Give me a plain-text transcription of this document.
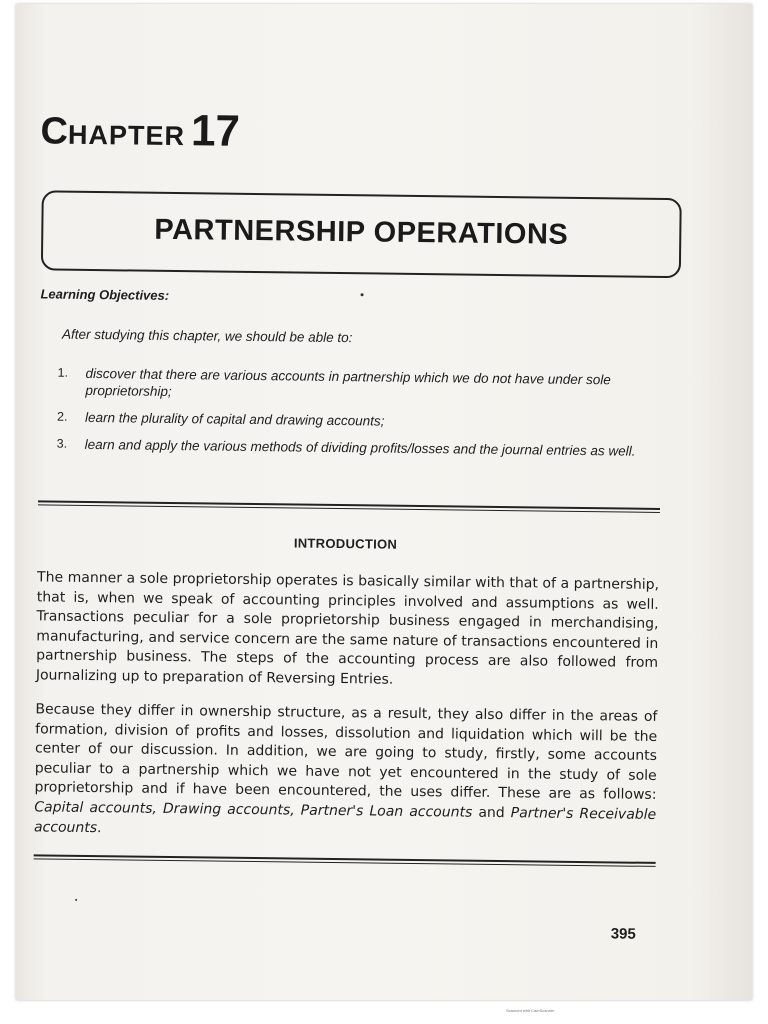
CHAPTER 17
PARTNERSHIP OPERATIONS
Learning Objectives:
After studying this chapter, we should be able to:
1. discover that there are various accounts in partnership which we do not have under sole proprietorship;
2. learn the plurality of capital and drawing accounts;
3. learn and apply the various methods of dividing profits/losses and the journal entries as well.
INTRODUCTION

The manner a sole proprietorship operates is basically similar with that of a partnership, that is, when we speak of accounting principles involved and assumptions as well. Transactions peculiar for a sole proprietorship business engaged in merchandising, manufacturing, and service concern are the same nature of transactions encountered in partnership business. The steps of the accounting process are also followed from Journalizing up to preparation of Reversing Entries.

Because they differ in ownership structure, as a result, they also differ in the areas of formation, division of profits and losses, dissolution and liquidation which will be the center of our discussion. In addition, we are going to study, firstly, some accounts peculiar to a partnership which we have not yet encountered in the study of sole proprietorship and if have been encountered, the uses differ. These are as follows: Capital accounts, Drawing accounts, Partner's Loan accounts and Partner's Receivable accounts.

395
Scanned with CamScanner
